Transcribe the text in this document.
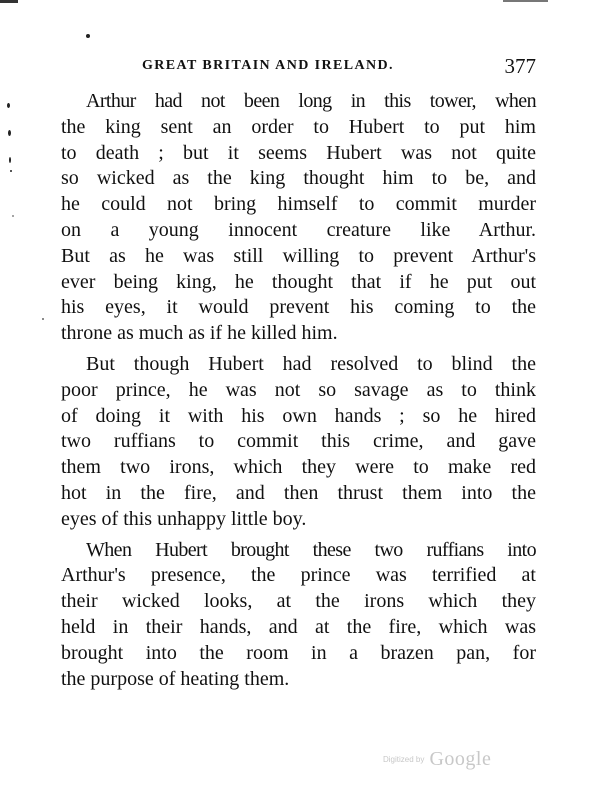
GREAT BRITAIN AND IRELAND.	377
Arthur had not been long in this tower, when
the king sent an order to Hubert to put him
to death ; but it seems Hubert was not quite
so wicked as the king thought him to be, and
he could not bring himself to commit murder
on a young innocent creature like Arthur.
But as he was still willing to prevent Arthur's
ever being king, he thought that if he put out
his eyes, it would prevent his coming to the
throne as much as if he killed him.
But though Hubert had resolved to blind the
poor prince, he was not so savage as to think
of doing it with his own hands ; so he hired
two ruffians to commit this crime, and gave
them two irons, which they were to make red
hot in the fire, and then thrust them into the
eyes of this unhappy little boy.
When Hubert brought these two ruffians into
Arthur's presence, the prince was terrified at
their wicked looks, at the irons which they
held in their hands, and at the fire, which was
brought into the room in a brazen pan, for
the purpose of heating them.
Digitized by Google
